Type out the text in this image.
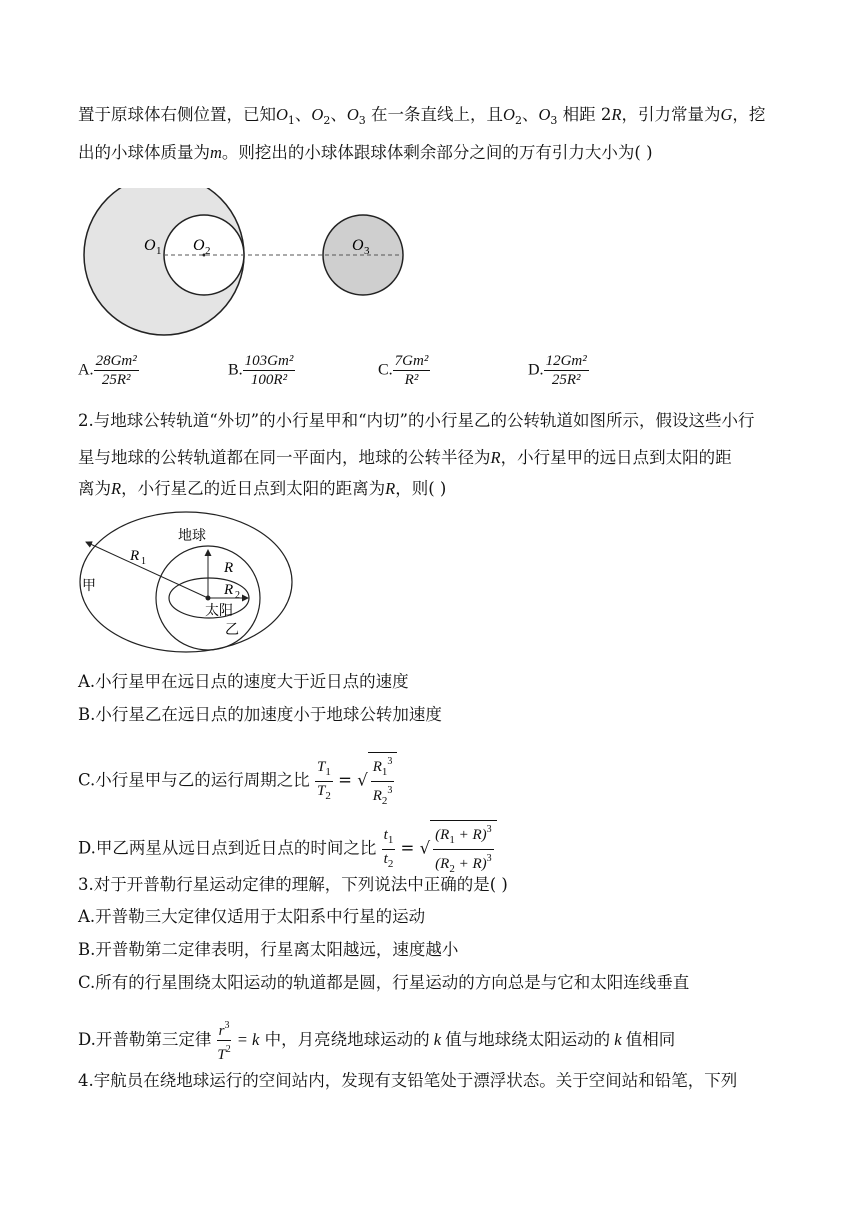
置于原球体右侧位置，已知$O_1$、$O_2$、$O_3$ 在一条直线上，且$O_2$、$O_3$ 相距 2R，引力常量为G，挖
出的小球体质量为m。则挖出的小球体跟球体剩余部分之间的万有引力大小为( )
O 1 O 2	O 3
A. $\frac{\text{28Gm²}}{\text{25R²}}$	B. $\frac{\text{103Gm²}}{\text{100R²}}$	C. $\frac{\text{7Gm²}}{\text{R²}}$	D. $\frac{\text{12Gm²}}{\text{25R²}}$
2.与地球公转轨道“外切”的小行星甲和“内切”的小行星乙的公转轨道如图所示，假设这些小行
星与地球的公转轨道都在同一平面内，地球的公转半径为R，小行星甲的远日点到太阳的距
离为R，小行星乙的近日点到太阳的距离为R，则( )
R 1	R
R 2
地球
甲
太阳
乙
A.小行星甲在远日点的速度大于近日点的速度
B.小行星乙在远日点的加速度小于地球公转加速度
C.小行星甲与乙的运行周期之比 $\frac{T_1}{T_2}$ = √ $\frac{R_1^3}{R_2^3}$
D.甲乙两星从远日点到近日点的时间之比 $\frac{t_1}{t_2}$ = √ $\frac{(R_1 + R)^3}{(R_2 + R)^3}$
3.对于开普勒行星运动定律的理解，下列说法中正确的是( )
A.开普勒三大定律仅适用于太阳系中行星的运动
B.开普勒第二定律表明，行星离太阳越远，速度越小
C.所有的行星围绕太阳运动的轨道都是圆，行星运动的方向总是与它和太阳连线垂直
D.开普勒第三定律 $\frac{r^3}{T^2} = k$ 中，月亮绕地球运动的 k 值与地球绕太阳运动的 k 值相同
4.宇航员在绕地球运行的空间站内，发现有支铅笔处于漂浮状态。关于空间站和铅笔，下列
